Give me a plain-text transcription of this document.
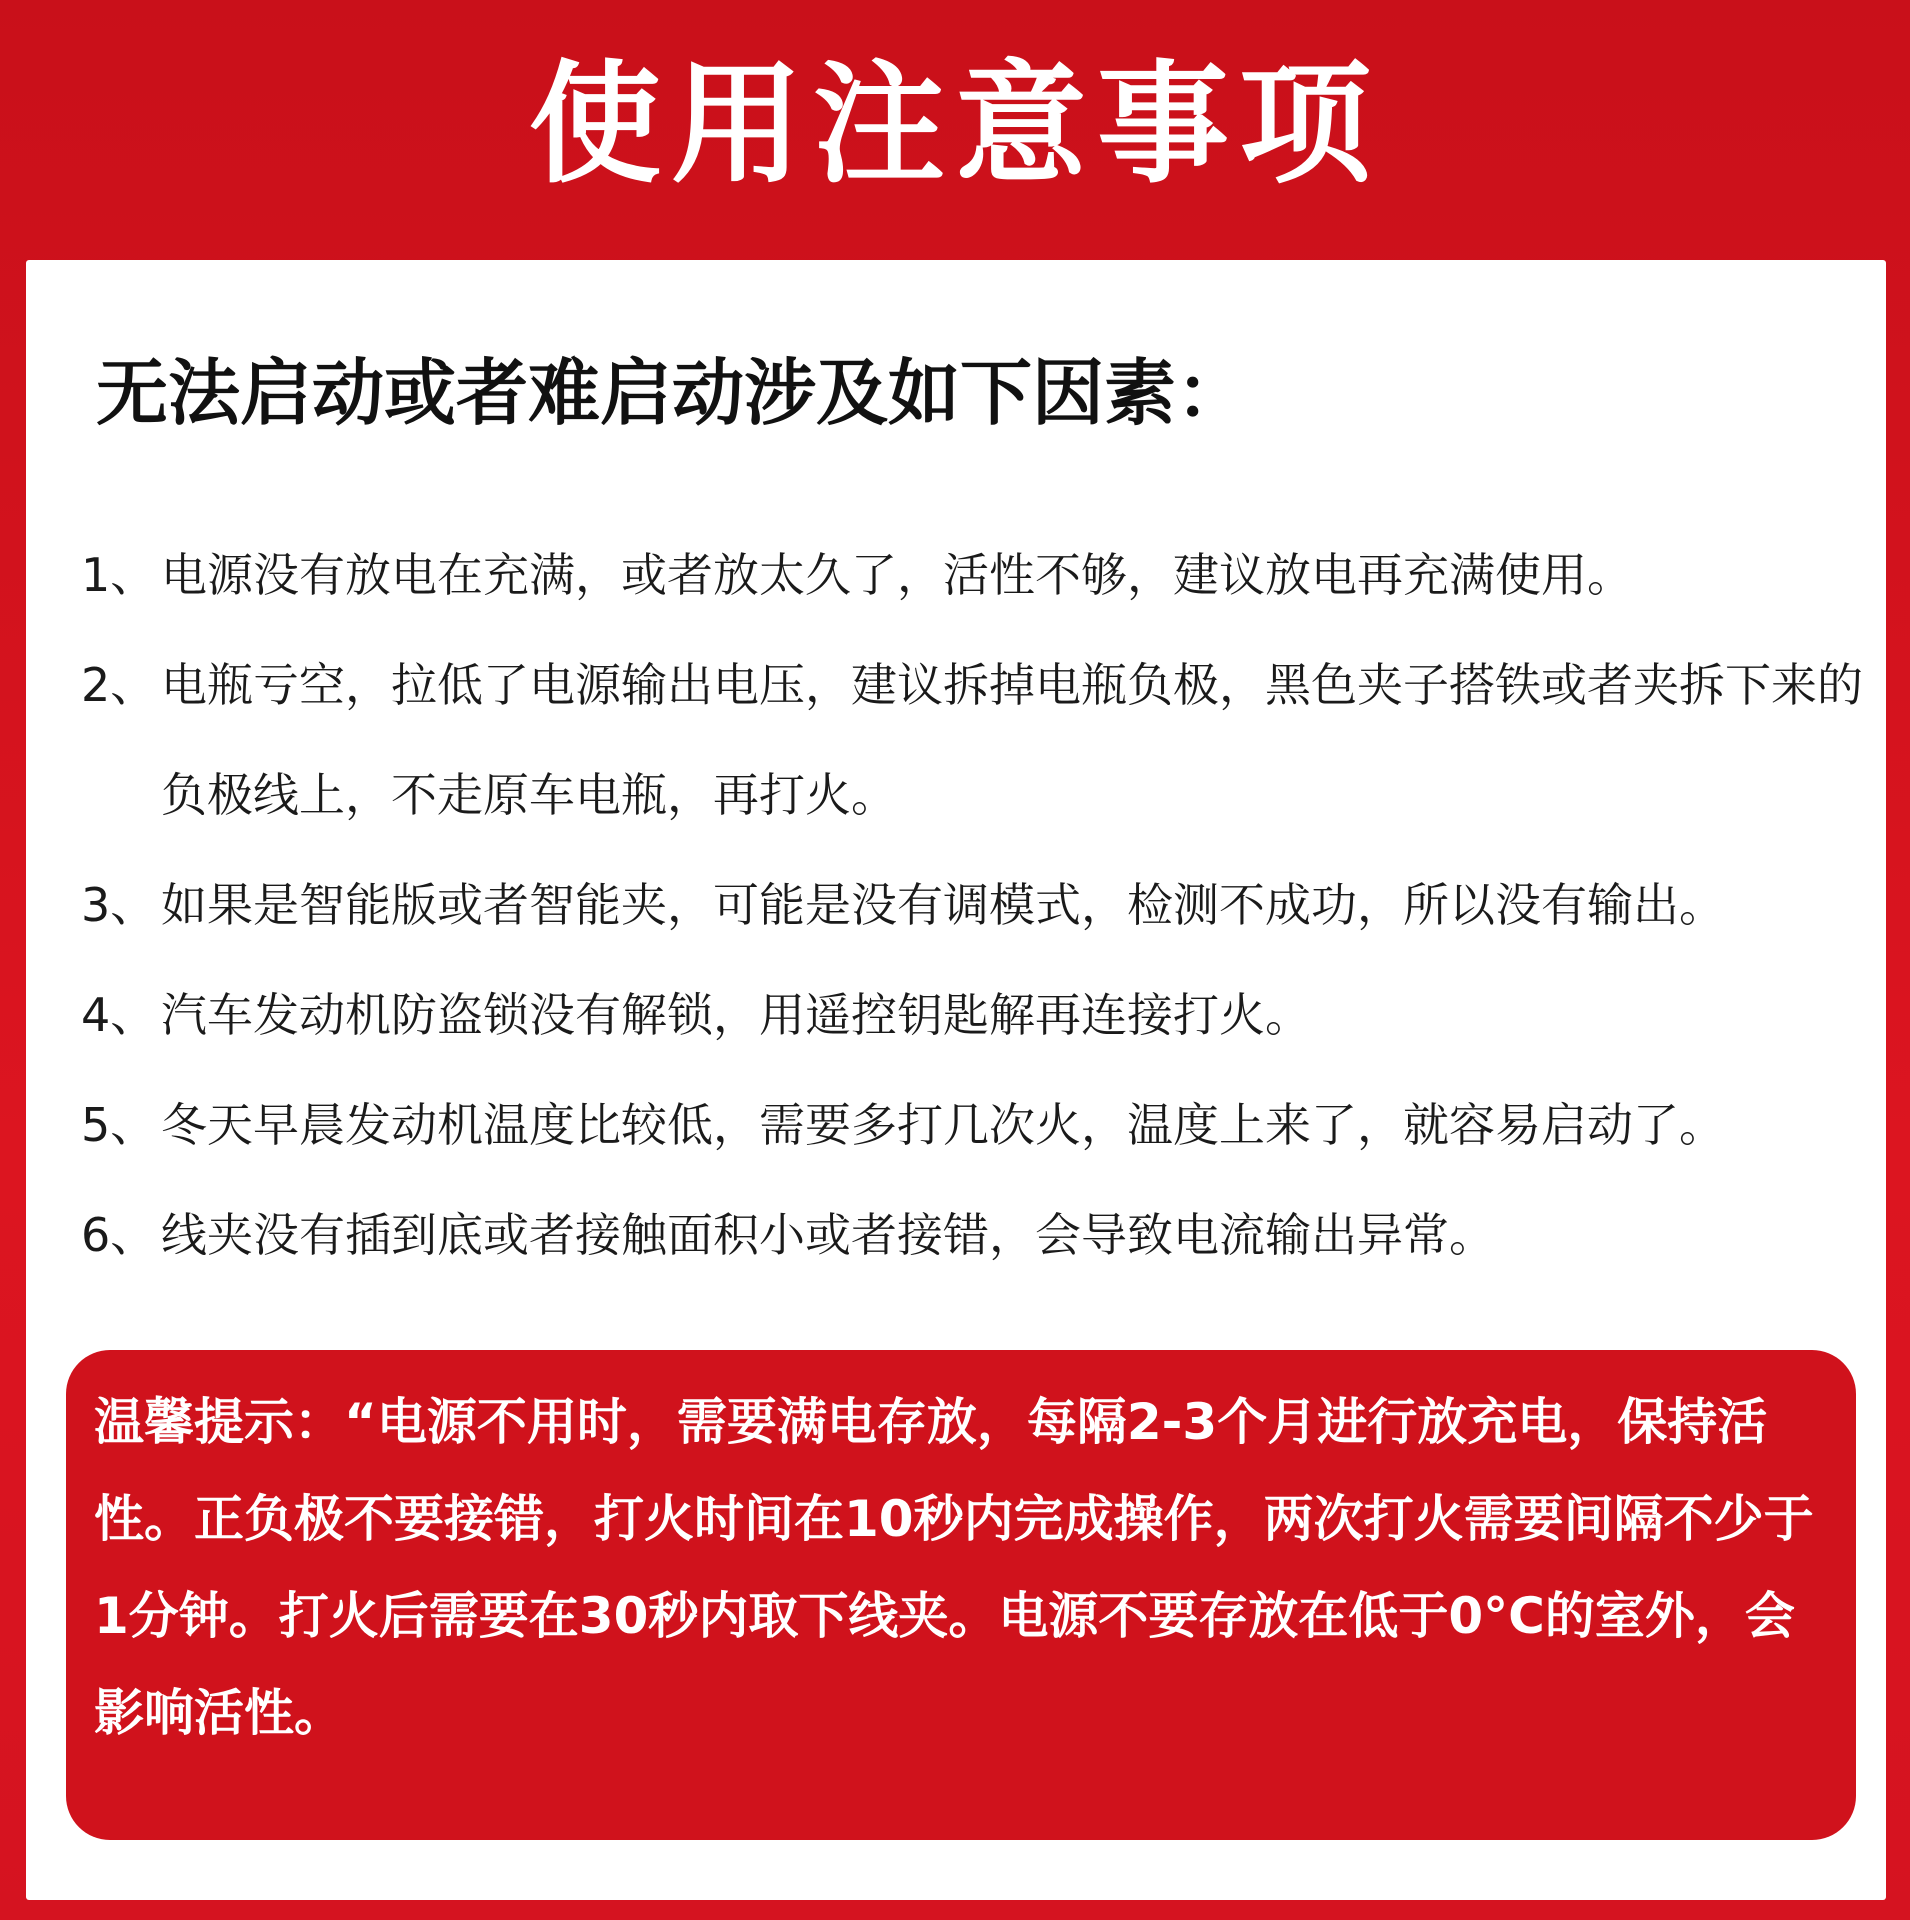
使用注意事项
无法启动或者难启动涉及如下因素：
1、 电源没有放电在充满，或者放太久了，活性不够，建议放电再充满使用。
2、 电瓶亏空，拉低了电源输出电压，建议拆掉电瓶负极，黑色夹子搭铁或者夹拆下来的负极线上，不走原车电瓶，再打火。
3、 如果是智能版或者智能夹，可能是没有调模式，检测不成功，所以没有输出。
4、 汽车发动机防盗锁没有解锁，用遥控钥匙解再连接打火。
5、 冬天早晨发动机温度比较低，需要多打几次火，温度上来了，就容易启动了。
6、 线夹没有插到底或者接触面积小或者接错，会导致电流输出异常。
温馨提示：“电源不用时，需要满电存放，每隔2-3个月进行放充电，保持活性。正负极不要接错，打火时间在10秒内完成操作，两次打火需要间隔不少于1分钟。打火后需要在30秒内取下线夹。电源不要存放在低于0°C的室外，会影响活性。
